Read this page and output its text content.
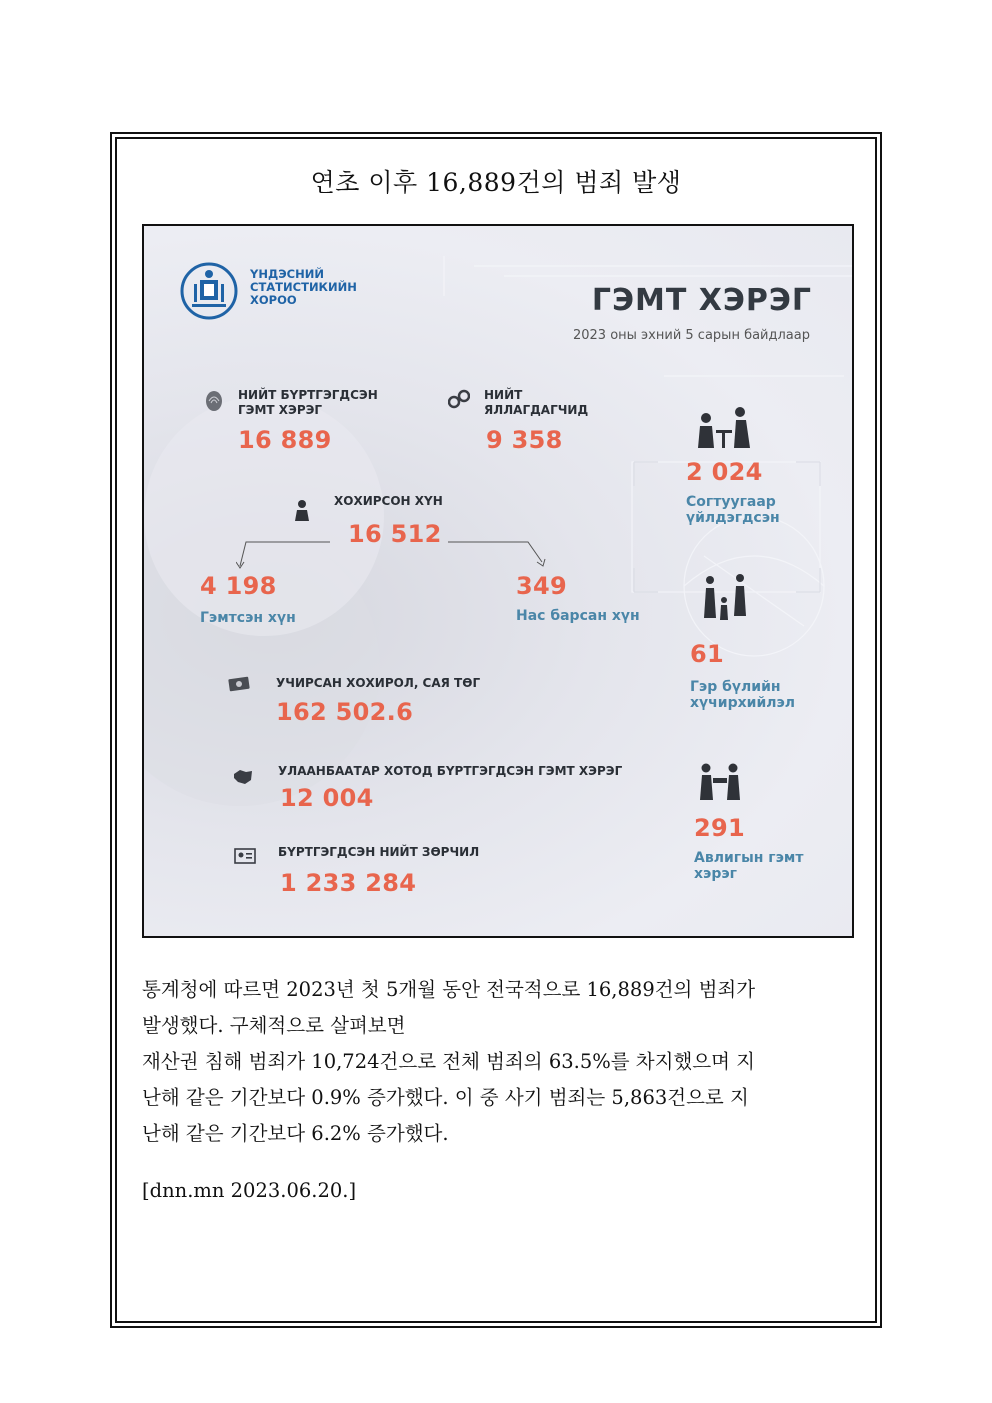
연초 이후 16,889건의 범죄 발생
ҮНДЭСНИЙ
СТАТИСТИКИЙН
ХОРОО	ГЭМТ ХЭРЭГ
2023 оны эхний 5 сарын байдлаар
НИЙТ БҮРТГЭГДСЭН
ГЭМТ ХЭРЭГ
16 889
НИЙТ
ЯЛЛАГДАГЧИД
9 358
ХОХИРСОН ХҮН
16 512
4 198
Гэмтсэн хүн
349
Нас барсан хүн
УЧИРСАН ХОХИРОЛ, САЯ ТӨГ
162 502.6
УЛААНБААТАР ХОТОД БҮРТГЭГДСЭН ГЭМТ ХЭРЭГ
12 004
БҮРТГЭГДСЭН НИЙТ ЗӨРЧИЛ
1 233 284
2 024
Согтуугаар
үйлдэгдсэн
61
Гэр бүлийн
хүчирхийлэл
291
Авлигын гэмт
хэрэг

통계청에 따르면 2023년 첫 5개월 동안 전국적으로 16,889건의 범죄가

발생했다. 구체적으로 살펴보면

재산권 침해 범죄가 10,724건으로 전체 범죄의 63.5%를 차지했으며 지

난해 같은 기간보다 0.9% 증가했다. 이 중 사기 범죄는 5,863건으로 지

난해 같은 기간보다 6.2% 증가했다.

[dnn.mn 2023.06.20.]
